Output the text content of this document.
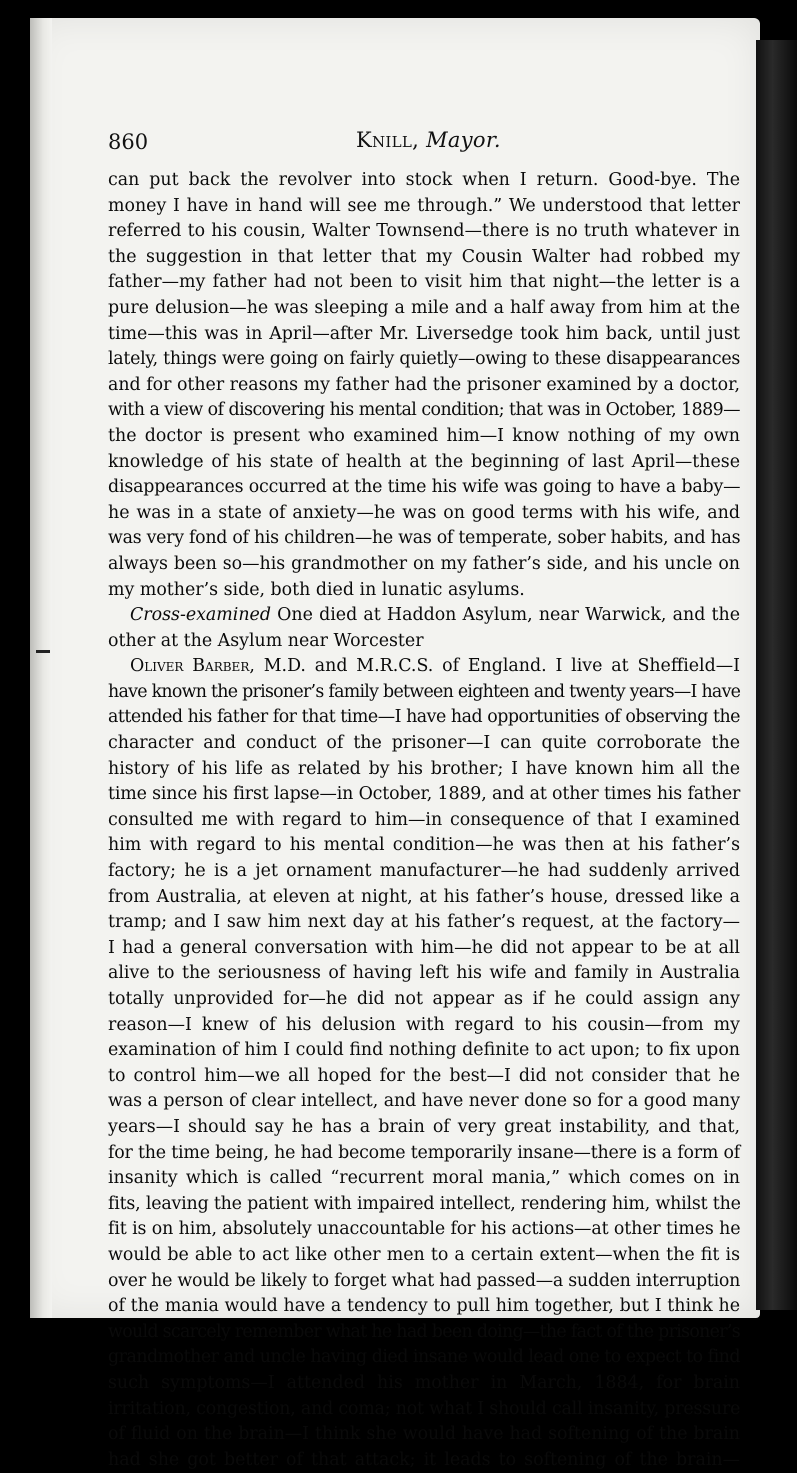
860	Knill, Mayor.
can put back the revolver into stock when I return. Good-bye. The
money I have in hand will see me through.” We understood that letter
referred to his cousin, Walter Townsend—there is no truth whatever in
the suggestion in that letter that my Cousin Walter had robbed my
father—my father had not been to visit him that night—the letter is a
pure delusion—he was sleeping a mile and a half away from him at the
time—this was in April—after Mr. Liversedge took him back, until just
lately, things were going on fairly quietly—owing to these disappearances
and for other reasons my father had the prisoner examined by a doctor,
with a view of discovering his mental condition; that was in October, 1889—
the doctor is present who examined him—I know nothing of my own
knowledge of his state of health at the beginning of last April—these
disappearances occurred at the time his wife was going to have a baby—
he was in a state of anxiety—he was on good terms with his wife, and
was very fond of his children—he was of temperate, sober habits, and has
always been so—his grandmother on my father’s side, and his uncle on
my mother’s side, both died in lunatic asylums.
Cross-examined One died at Haddon Asylum, near Warwick, and the
other at the Asylum near Worcester
Oliver Barber, M.D. and M.R.C.S. of England. I live at Sheffield—I
have known the prisoner’s family between eighteen and twenty years—I have
attended his father for that time—I have had opportunities of observing the
character and conduct of the prisoner—I can quite corroborate the
history of his life as related by his brother; I have known him all the
time since his first lapse—in October, 1889, and at other times his father
consulted me with regard to him—in consequence of that I examined
him with regard to his mental condition—he was then at his father’s
factory; he is a jet ornament manufacturer—he had suddenly arrived
from Australia, at eleven at night, at his father’s house, dressed like a
tramp; and I saw him next day at his father’s request, at the factory—
I had a general conversation with him—he did not appear to be at all
alive to the seriousness of having left his wife and family in Australia
totally unprovided for—he did not appear as if he could assign any
reason—I knew of his delusion with regard to his cousin—from my
examination of him I could find nothing definite to act upon; to fix upon
to control him—we all hoped for the best—I did not consider that he
was a person of clear intellect, and have never done so for a good many
years—I should say he has a brain of very great instability, and that,
for the time being, he had become temporarily insane—there is a form of
insanity which is called “recurrent moral mania,” which comes on in
fits, leaving the patient with impaired intellect, rendering him, whilst the
fit is on him, absolutely unaccountable for his actions—at other times he
would be able to act like other men to a certain extent—when the fit is
over he would be likely to forget what had passed—a sudden interruption
of the mania would have a tendency to pull him together, but I think he
would scarcely remember what he had been doing—the fact of the prisoner’s
grandmother and uncle having died insane would lead one to expect to find
such symptoms—I attended his mother in March, 1884, for brain
irritation, congestion, and coma; not what I should call insanity, pressure
of fluid on the brain—I think she would have had softening of the brain
had she got better of that attack; it leads to softening of the brain—
